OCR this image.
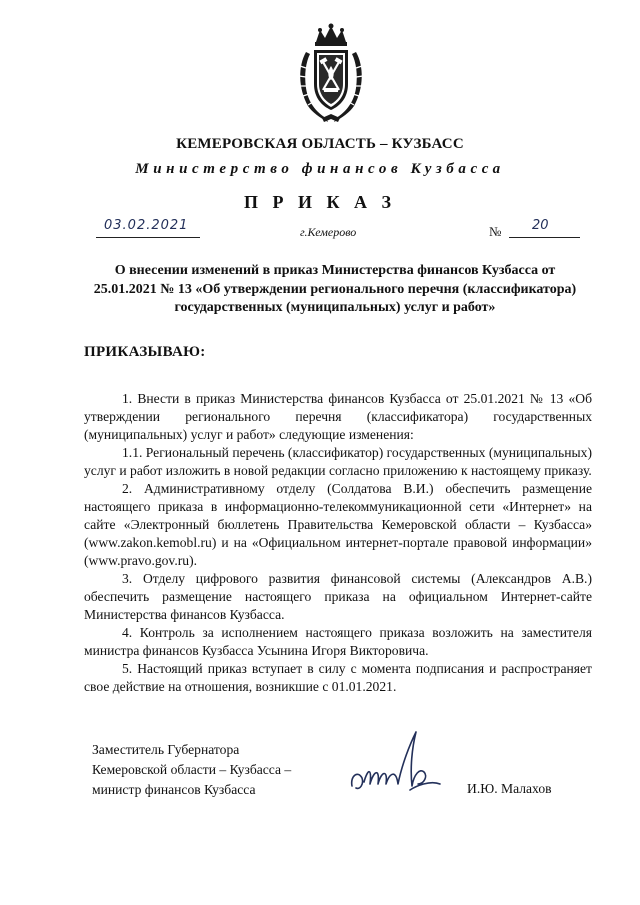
КЕМЕРОВСКАЯ ОБЛАСТЬ – КУЗБАСС
Министерство финансов Кузбасса
П Р И К А З
03.02.2021	г.Кемерово	№ 20
О внесении изменений в приказ Министерства финансов Кузбасса от 25.01.2021 № 13 «Об утверждении регионального перечня (классификатора) государственных (муниципальных) услуг и работ»
ПРИКАЗЫВАЮ:

1. Внести в приказ Министерства финансов Кузбасса от 25.01.2021 № 13 «Об утверждении регионального перечня (классификатора) государственных (муниципальных) услуг и работ» следующие изменения:

1.1. Региональный перечень (классификатор) государственных (муниципальных) услуг и работ изложить в новой редакции согласно приложению к настоящему приказу.

2. Административному отделу (Солдатова В.И.) обеспечить размещение настоящего приказа в информационно-телекоммуникационной сети «Интернет» на сайте «Электронный бюллетень Правительства Кемеровской области – Кузбасса» (www.zakon.kemobl.ru) и на «Официальном интернет-портале правовой информации» (www.pravo.gov.ru).

3. Отделу цифрового развития финансовой системы (Александров А.В.) обеспечить размещение настоящего приказа на официальном Интернет-сайте Министерства финансов Кузбасса.

4. Контроль за исполнением настоящего приказа возложить на заместителя министра финансов Кузбасса Усынина Игоря Викторовича.

5. Настоящий приказ вступает в силу с момента подписания и распространяет свое действие на отношения, возникшие с 01.01.2021.

Заместитель Губернатора
Кемеровской области – Кузбасса –
министр финансов Кузбасса	И.Ю. Малахов
